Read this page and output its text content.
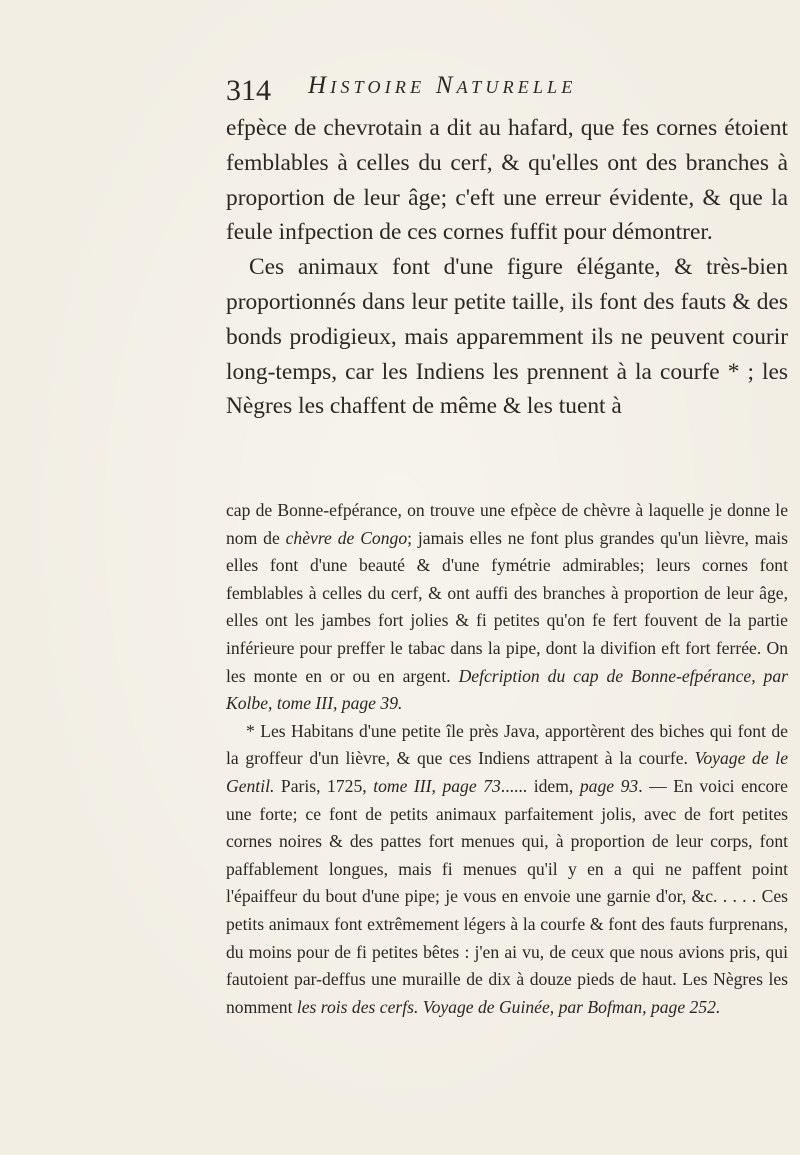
314 Histoire Naturelle

efpèce de chevrotain a dit au hafard, que fes cornes étoient femblables à celles du cerf, & qu'elles ont des branches à proportion de leur âge; c'eft une erreur évidente, & que la feule infpection de ces cornes fuffit pour démontrer.

Ces animaux font d'une figure élégante, & très-bien proportionnés dans leur petite taille, ils font des fauts & des bonds prodigieux, mais apparemment ils ne peuvent courir long-temps, car les Indiens les prennent à la courfe * ; les Nègres les chaffent de même & les tuent à

cap de Bonne-efpérance, on trouve une efpèce de chèvre à laquelle je donne le nom de chèvre de Congo; jamais elles ne font plus grandes qu'un lièvre, mais elles font d'une beauté & d'une fymétrie admirables; leurs cornes font femblables à celles du cerf, & ont auffi des branches à proportion de leur âge, elles ont les jambes fort jolies & fi petites qu'on fe fert fouvent de la partie inférieure pour preffer le tabac dans la pipe, dont la divifion eft fort ferrée. On les monte en or ou en argent. Defcription du cap de Bonne-efpérance, par Kolbe, tome III, page 39.

* Les Habitans d'une petite île près Java, apportèrent des biches qui font de la groffeur d'un lièvre, & que ces Indiens attrapent à la courfe. Voyage de le Gentil. Paris, 1725, tome III, page 73...... idem, page 93. — En voici encore une forte; ce font de petits animaux parfaitement jolis, avec de fort petites cornes noires & des pattes fort menues qui, à proportion de leur corps, font paffablement longues, mais fi menues qu'il y en a qui ne paffent point l'épaiffeur du bout d'une pipe; je vous en envoie une garnie d'or, &c. . . . . Ces petits animaux font extrêmement légers à la courfe & font des fauts furprenans, du moins pour de fi petites bêtes : j'en ai vu, de ceux que nous avions pris, qui fautoient par-deffus une muraille de dix à douze pieds de haut. Les Nègres les nomment les rois des cerfs. Voyage de Guinée, par Bofman, page 252.
